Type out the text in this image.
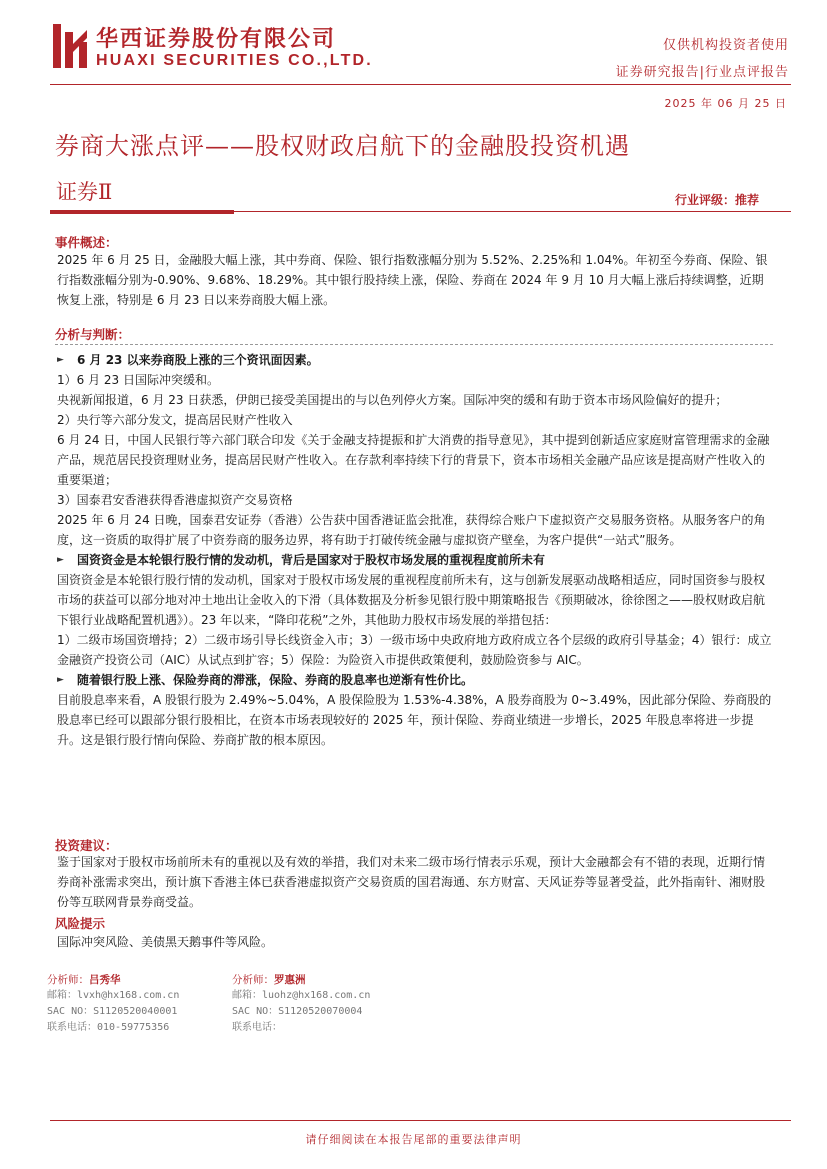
华西证券股份有限公司
HUAXI SECURITIES CO.,LTD.
仅供机构投资者使用
证券研究报告|行业点评报告
2025 年 06 月 25 日
券商大涨点评——股权财政启航下的金融股投资机遇
证券Ⅱ	行业评级：推荐
事件概述：

2025 年 6 月 25 日，金融股大幅上涨，其中券商、保险、银行指数涨幅分别为 5.52%、2.25%和 1.04%。年初至今券商、保险、银行指数涨幅分别为-0.90%、9.68%、18.29%。其中银行股持续上涨，保险、券商在 2024 年 9 月 10 月大幅上涨后持续调整，近期恢复上涨，特别是 6 月 23 日以来券商股大幅上涨。

分析与判断：
►	6 月 23 以来券商股上涨的三个资讯面因素。

1）6 月 23 日国际冲突缓和。

央视新闻报道，6 月 23 日获悉，伊朗已接受美国提出的与以色列停火方案。国际冲突的缓和有助于资本市场风险偏好的提升；

2）央行等六部分发文，提高居民财产性收入

6 月 24 日，中国人民银行等六部门联合印发《关于金融支持提振和扩大消费的指导意见》，其中提到创新适应家庭财富管理需求的金融产品，规范居民投资理财业务，提高居民财产性收入。在存款利率持续下行的背景下，资本市场相关金融产品应该是提高财产性收入的重要渠道；

3）国泰君安香港获得香港虚拟资产交易资格

2025 年 6 月 24 日晚，国泰君安证券（香港）公告获中国香港证监会批准，获得综合账户下虚拟资产交易服务资格。从服务客户的角度，这一资质的取得扩展了中资券商的服务边界，将有助于打破传统金融与虚拟资产壁垒，为客户提供“一站式”服务。

►	国资资金是本轮银行股行情的发动机，背后是国家对于股权市场发展的重视程度前所未有

国资资金是本轮银行股行情的发动机，国家对于股权市场发展的重视程度前所未有，这与创新发展驱动战略相适应，同时国资参与股权市场的获益可以部分地对冲土地出让金收入的下滑（具体数据及分析参见银行股中期策略报告《预期破冰，徐徐图之——股权财政启航下银行业战略配置机遇》）。23 年以来，“降印花税”之外，其他助力股权市场发展的举措包括：

1）二级市场国资增持；2）二级市场引导长线资金入市；3）一级市场中央政府地方政府成立各个层级的政府引导基金；4）银行：成立金融资产投资公司（AIC）从试点到扩容；5）保险：为险资入市提供政策便利，鼓励险资参与 AIC。

►	随着银行股上涨、保险券商的滞涨，保险、券商的股息率也逆渐有性价比。

目前股息率来看，A 股银行股为 2.49%~5.04%，A 股保险股为 1.53%-4.38%，A 股券商股为 0~3.49%，因此部分保险、券商股的股息率已经可以跟部分银行股相比，在资本市场表现较好的 2025 年，预计保险、券商业绩进一步增长，2025 年股息率将进一步提升。这是银行股行情向保险、券商扩散的根本原因。

投资建议：

鉴于国家对于股权市场前所未有的重视以及有效的举措，我们对未来二级市场行情表示乐观，预计大金融都会有不错的表现，近期行情券商补涨需求突出，预计旗下香港主体已获香港虚拟资产交易资质的国君海通、东方财富、天风证券等显著受益，此外指南针、湘财股份等互联网背景券商受益。

风险提示

国际冲突风险、美债黑天鹅事件等风险。

分析师：吕秀华
邮箱：lvxh@hx168.com.cn
SAC NO：S1120520040001
联系电话：010-59775356
分析师：罗惠洲
邮箱：luohz@hx168.com.cn
SAC NO：S1120520070004
联系电话：
请仔细阅读在本报告尾部的重要法律声明
